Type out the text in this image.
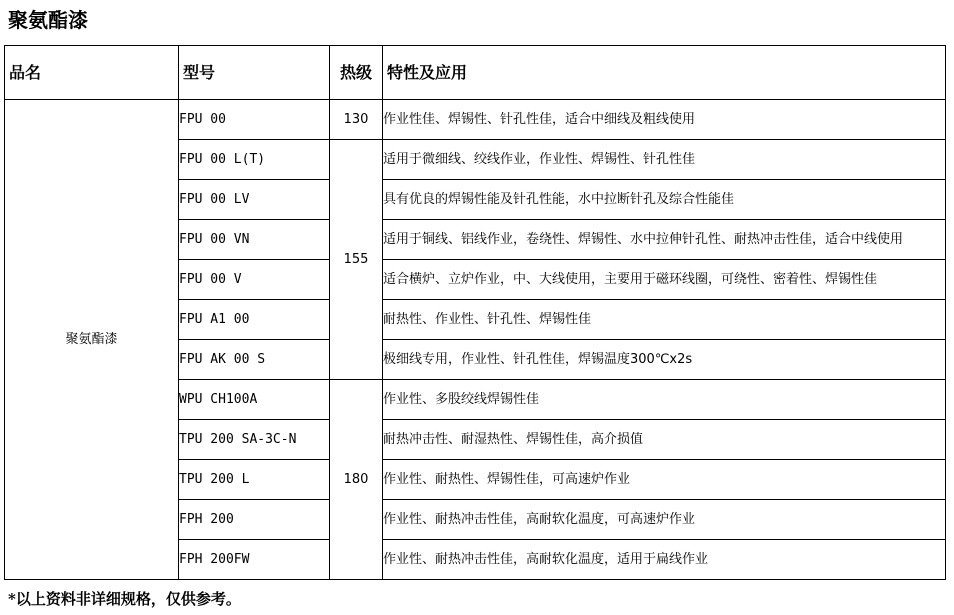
聚氨酯漆
品名	型号	热级	特性及应用
聚氨酯漆	FPU 00	130	作业性佳、焊锡性、针孔性佳，适合中细线及粗线使用
	FPU 00 L(T)	155	适用于微细线、绞线作业，作业性、焊锡性、针孔性佳
	FPU 00 LV		具有优良的焊锡性能及针孔性能，水中拉断针孔及综合性能佳
	FPU 00 VN		适用于铜线、铝线作业，卷绕性、焊锡性、水中拉伸针孔性、耐热冲击性佳，适合中线使用
	FPU 00 V		适合横炉、立炉作业，中、大线使用，主要用于磁环线圈，可绕性、密着性、焊锡性佳
	FPU A1 00		耐热性、作业性、针孔性、焊锡性佳
	FPU AK 00 S		极细线专用，作业性、针孔性佳，焊锡温度300℃x2s
	WPU CH100A	180	作业性、多股绞线焊锡性佳
	TPU 200 SA-3C-N		耐热冲击性、耐湿热性、焊锡性佳，高介损值
	TPU 200 L		作业性、耐热性、焊锡性佳，可高速炉作业
	FPH 200		作业性、耐热冲击性佳，高耐软化温度，可高速炉作业
	FPH 200FW		作业性、耐热冲击性佳，高耐软化温度，适用于扁线作业
*以上资料非详细规格，仅供参考。
